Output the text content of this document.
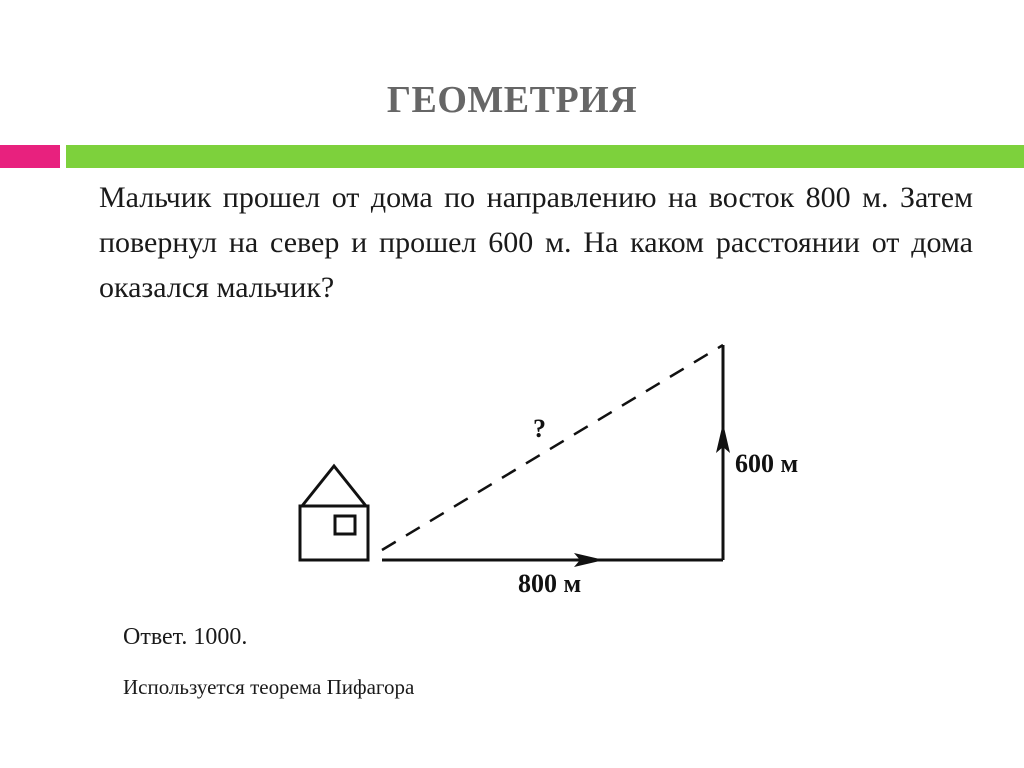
ГЕОМЕТРИЯ
Мальчик прошел от дома по направлению на восток 800 м. Затем повернул на север и прошел 600 м. На каком расстоянии от дома оказался мальчик?
?
600 м
800 м
Ответ. 1000.
Используется теорема Пифагора
